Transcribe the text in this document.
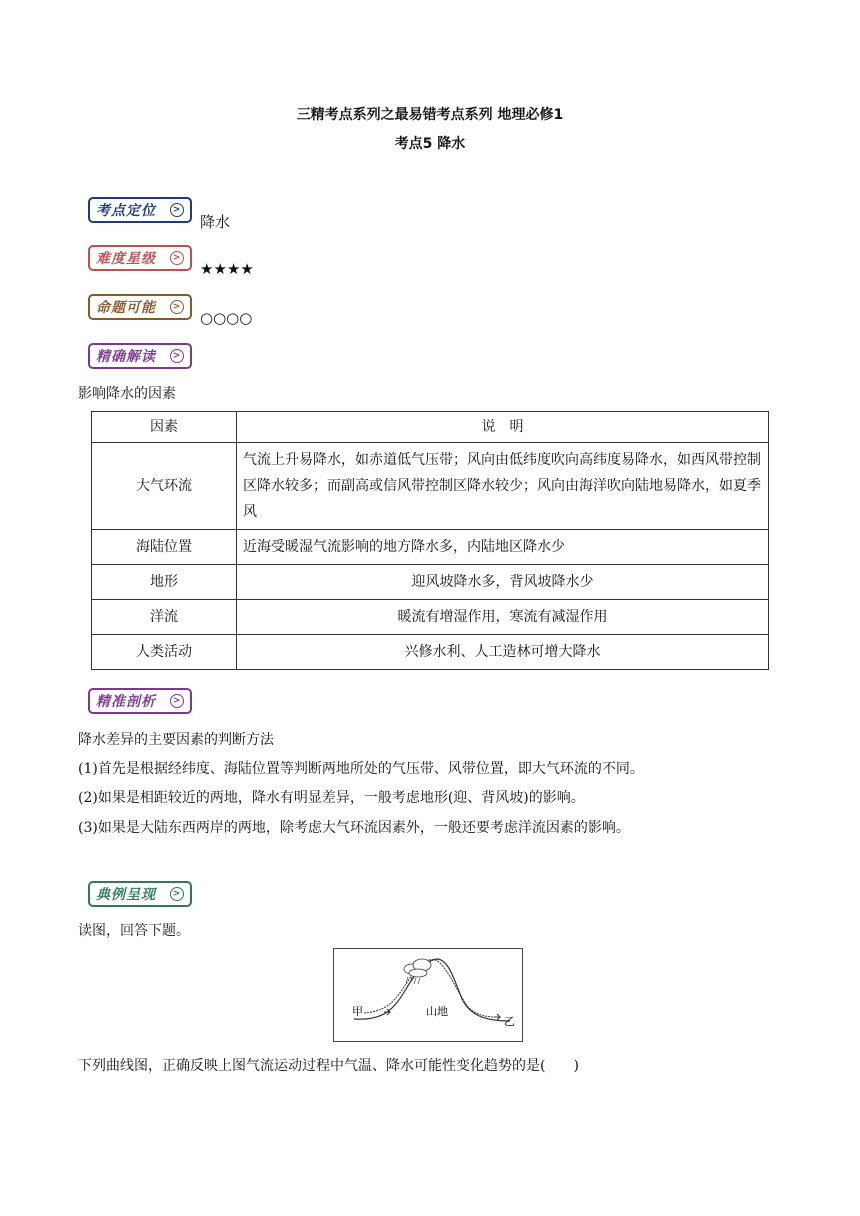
三精考点系列之最易错考点系列 地理必修1
考点5 降水
考点定位	>
降水
难度星级	>
★★★★
命题可能	>
○○○○
精确解读	>
影响降水的因素
因素	说　明
大气环流	气流上升易降水，如赤道低气压带；风向由低纬度吹向高纬度易降水，如西风带控制区降水较多；而副高或信风带控制区降水较少；风向由海洋吹向陆地易降水，如夏季风
海陆位置	近海受暖湿气流影响的地方降水多，内陆地区降水少
地形	迎风坡降水多，背风坡降水少
洋流	暖流有增湿作用，寒流有减湿作用
人类活动	兴修水利、人工造林可增大降水
精准剖析	>
降水差异的主要因素的判断方法
(1)首先是根据经纬度、海陆位置等判断两地所处的气压带、风带位置，即大气环流的不同。
(2)如果是相距较近的两地，降水有明显差异，一般考虑地形(迎、背风坡)的影响。
(3)如果是大陆东西两岸的两地，除考虑大气环流因素外，一般还要考虑洋流因素的影响。
典例呈现	>
读图，回答下题。
甲	山地
乙
下列曲线图，正确反映上图气流运动过程中气温、降水可能性变化趋势的是(　　)
